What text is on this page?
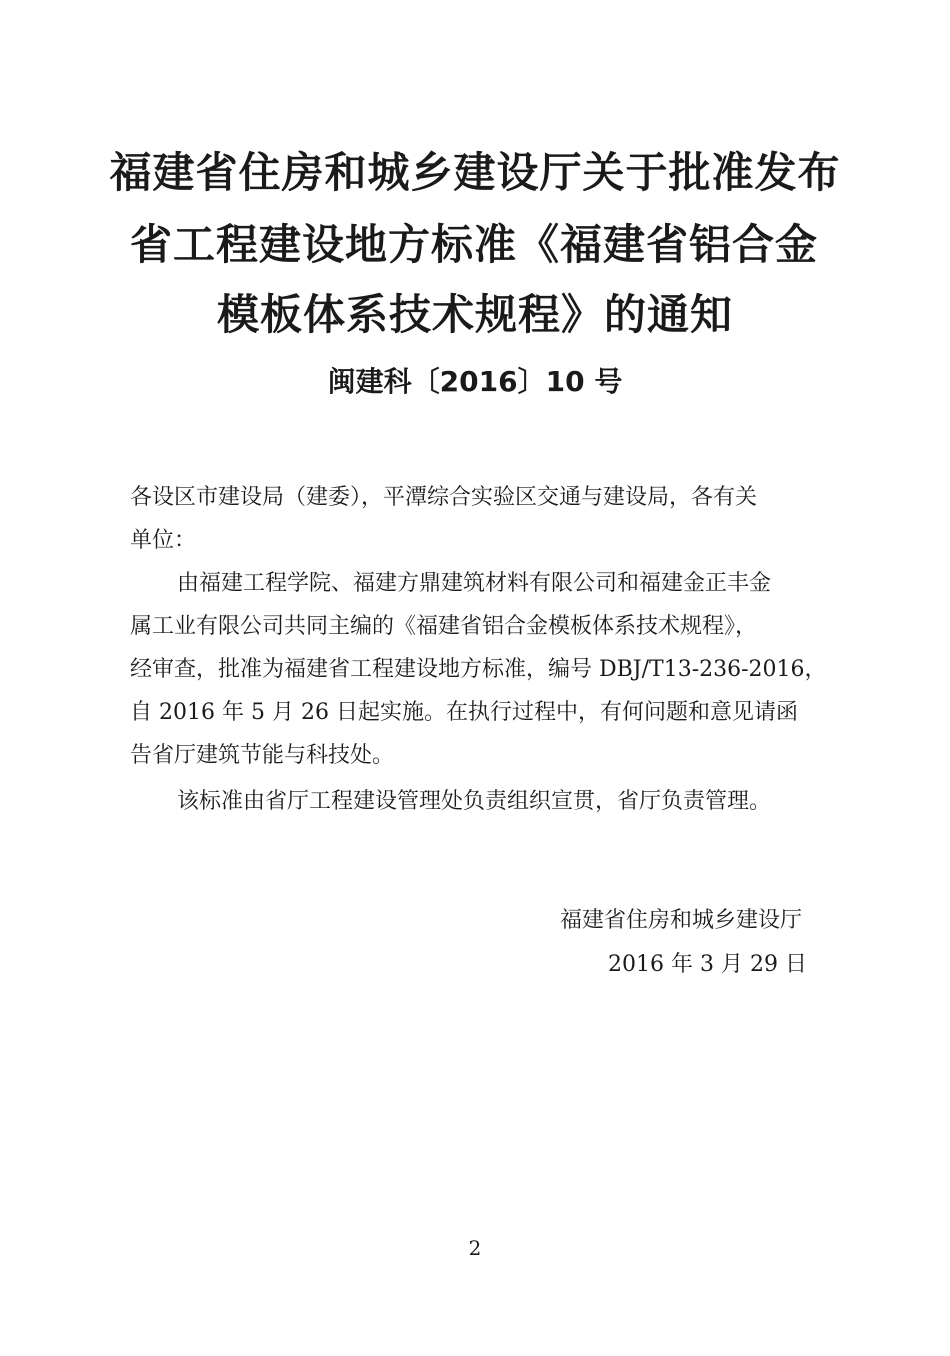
福建省住房和城乡建设厅关于批准发布
省工程建设地方标准《福建省铝合金
模板体系技术规程》的通知
闽建科〔2016〕10 号
各设区市建设局（建委），平潭综合实验区交通与建设局，各有关
单位：
由福建工程学院、福建方鼎建筑材料有限公司和福建金正丰金
属工业有限公司共同主编的《福建省铝合金模板体系技术规程》，
经审查，批准为福建省工程建设地方标准，编号 DBJ/T13-236-2016，
自 2016 年 5 月 26 日起实施。在执行过程中，有何问题和意见请函
告省厅建筑节能与科技处。
该标准由省厅工程建设管理处负责组织宣贯，省厅负责管理。
福建省住房和城乡建设厅
2016 年 3 月 29 日
2
